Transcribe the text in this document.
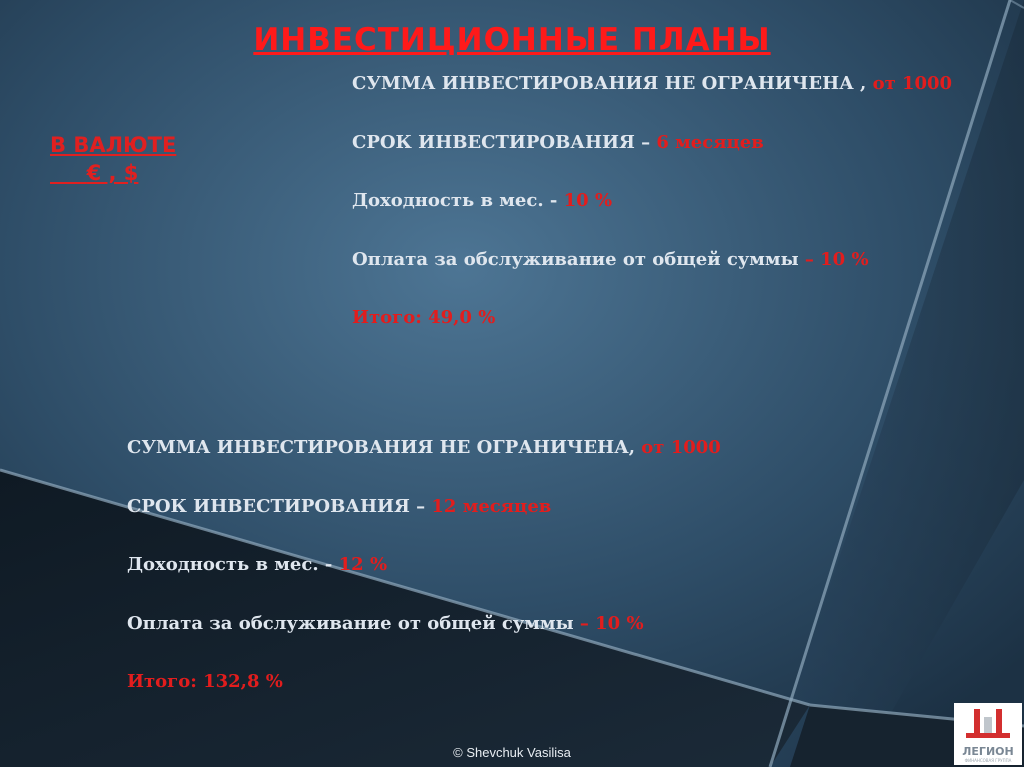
ИНВЕСТИЦИОННЫЕ ПЛАНЫ
В ВАЛЮТЕ
€ , $

СУММА ИНВЕСТИРОВАНИЯ НЕ ОГРАНИЧЕНА , от 1000

СРОК ИНВЕСТИРОВАНИЯ – 6 месяцев

Доходность в мес. - 10 %

Оплата за обслуживание от общей суммы – 10 %

Итого: 49,0 %

СУММА ИНВЕСТИРОВАНИЯ НЕ ОГРАНИЧЕНА, от 1000

СРОК ИНВЕСТИРОВАНИЯ – 12 месяцев

Доходность в мес. - 12 %

Оплата за обслуживание от общей суммы – 10 %

Итого: 132,8 %

© Shevchuk Vasilisa	ЛЕГИОН
ФИНАНСОВАЯ ГРУППА
